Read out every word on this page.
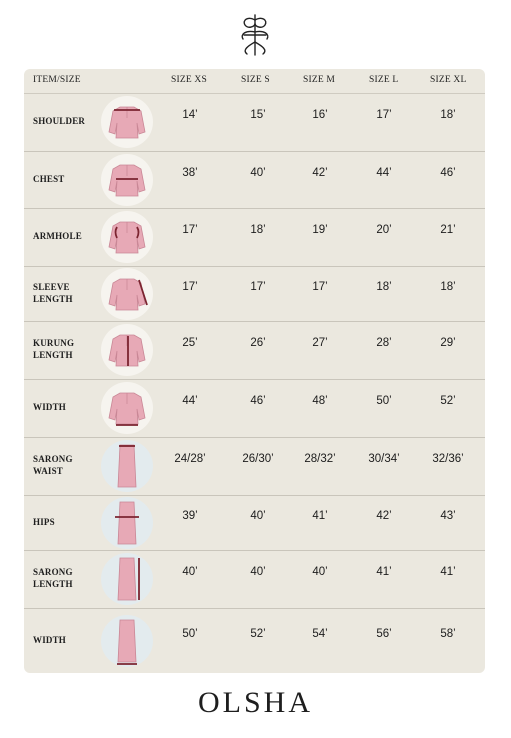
ITEM/SIZE	SIZE XS	SIZE S	SIZE M	SIZE L	SIZE XL
SHOULDER	14’	15’	16’	17’	18’
CHEST	38’	40’	42’	44’	46’
ARMHOLE	17’	18’	19’	20’	21’
SLEEVE
LENGTH
17’	17’	17’	18’	18’
KURUNG
LENGTH
25’	26’	27’	28’	29’
WIDTH	44’	46’	48’	50’	52’
SARONG
WAIST
24/28’	26/30’	28/32’	30/34’	32/36’
HIPS	39’	40’	41’	42’	43’
SARONG
LENGTH
40’	40’	40’	41’	41’
WIDTH	50’	52’	54’	56’	58’
OLSHA
